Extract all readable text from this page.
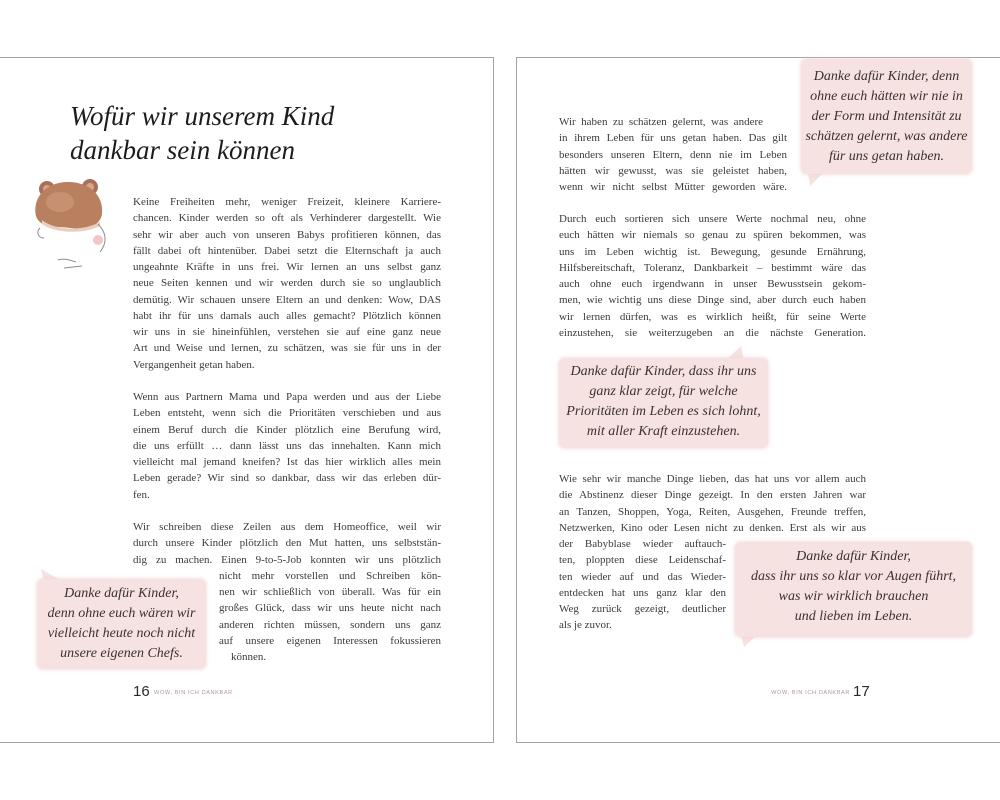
Wofür wir unserem Kind
dankbar sein können
Keine Freiheiten mehr, weniger Freizeit, kleinere Karriere-
chancen. Kinder werden so oft als Verhinderer dargestellt. Wie
sehr wir aber auch von unseren Babys profitieren können, das
fällt dabei oft hintenüber. Dabei setzt die Elternschaft ja auch
ungeahnte Kräfte in uns frei. Wir lernen an uns selbst ganz
neue Seiten kennen und wir werden durch sie so unglaublich
demütig. Wir schauen unsere Eltern an und denken: Wow, DAS
habt ihr für uns damals auch alles gemacht? Plötzlich können
wir uns in sie hineinfühlen, verstehen sie auf eine ganz neue
Art und Weise und lernen, zu schätzen, was sie für uns in der
Vergangenheit getan haben.
Wenn aus Partnern Mama und Papa werden und aus der Liebe
Leben entsteht, wenn sich die Prioritäten verschieben und aus
einem Beruf durch die Kinder plötzlich eine Berufung wird,
die uns erfüllt … dann lässt uns das innehalten. Kann mich
vielleicht mal jemand kneifen? Ist das hier wirklich alles mein
Leben gerade? Wir sind so dankbar, dass wir das erleben dür-
fen.
Wir schreiben diese Zeilen aus dem Homeoffice, weil wir
durch unsere Kinder plötzlich den Mut hatten, uns selbststän-
dig zu machen. Einen 9-to-5-Job konnten wir uns plötzlich
nicht mehr vorstellen und Schreiben kön-
nen wir schließlich von überall. Was für ein
großes Glück, dass wir uns heute nicht nach
anderen richten müssen, sondern uns ganz
auf unsere eigenen Interessen fokussieren
können.
Danke dafür Kinder,
denn ohne euch wären wir
vielleicht heute noch nicht
unsere eigenen Chefs.
16 WOW, BIN ICH DANKBAR
Wir haben zu schätzen gelernt, was andere
in ihrem Leben für uns getan haben. Das gilt
besonders unseren Eltern, denn nie im Leben
hätten wir gewusst, was sie geleistet haben,
wenn wir nicht selbst Mütter geworden wäre.
Danke dafür Kinder, denn
ohne euch hätten wir nie in
der Form und Intensität zu
schätzen gelernt, was andere
für uns getan haben.
Durch euch sortieren sich unsere Werte nochmal neu, ohne
euch hätten wir niemals so genau zu spüren bekommen, was
uns im Leben wichtig ist. Bewegung, gesunde Ernährung,
Hilfsbereitschaft, Toleranz, Dankbarkeit – bestimmt wäre das
auch ohne euch irgendwann in unser Bewusstsein gekom-
men, wie wichtig uns diese Dinge sind, aber durch euch haben
wir lernen dürfen, was es wirklich heißt, für seine Werte
einzustehen, sie weiterzugeben an die nächste Generation.
Danke dafür Kinder, dass ihr uns
ganz klar zeigt, für welche
Prioritäten im Leben es sich lohnt,
mit aller Kraft einzustehen.
Wie sehr wir manche Dinge lieben, das hat uns vor allem auch
die Abstinenz dieser Dinge gezeigt. In den ersten Jahren war
an Tanzen, Shoppen, Yoga, Reiten, Ausgehen, Freunde treffen,
Netzwerken, Kino oder Lesen nicht zu denken. Erst als wir aus
der Babyblase wieder auftauch-
ten, ploppten diese Leidenschaf-
ten wieder auf und das Wieder-
entdecken hat uns ganz klar den
Weg zurück gezeigt, deutlicher
als je zuvor.
Danke dafür Kinder,
dass ihr uns so klar vor Augen führt,
was wir wirklich brauchen
und lieben im Leben.
WOW, BIN ICH DANKBAR 17
